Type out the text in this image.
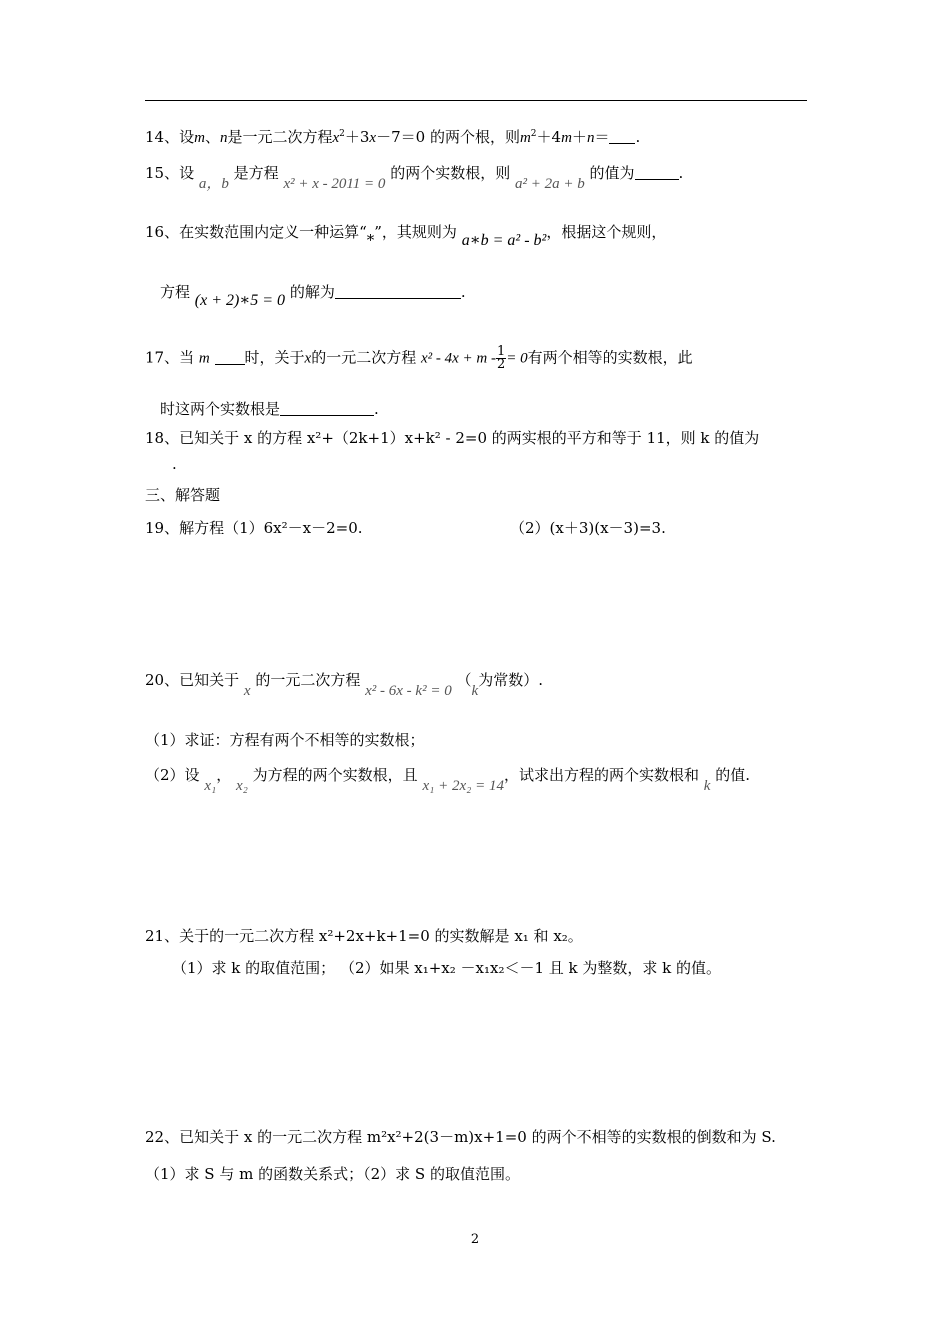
14、设m、n是一元二次方程$x^2+3x-7=0$ 的两个根，则$m^2+4m+n=$ .
15、设 a，b 是方程 x² + x - 2011 = 0 的两个实数根，则 a² + 2a + b 的值为	.
16、在实数范围内定义一种运算“*”，其规则为 a∗b = a² - b²，根据这个规则，
方程 (x + 2)∗5 = 0 的解为	.
17、当 m 时，关于x的一元二次方程 $x^2 - 4x + m - \frac{1}{2} = 0$有两个相等的实数根，此
时这两个实数根是	.
18、已知关于 x 的方程 x²+（2k+1）x+k² - 2=0 的两实根的平方和等于 11，则 k 的值为
.
三、解答题
19、解方程（1）6x²－x－2=0.	（2）(x＋3)(x－3)=3.
20、已知关于 x 的一元二次方程 x² - 6x - k² = 0 （k为常数）.
（1）求证：方程有两个不相等的实数根；
（2）设 x₁， x₂ 为方程的两个实数根，且 x₁ + 2x₂ = 14，试求出方程的两个实数根和 k 的值.
21、关于的一元二次方程 x²+2x+k+1=0 的实数解是 x₁ 和 x₂。
（1）求 k 的取值范围； （2）如果 x₁+x₂ －x₁x₂＜－1 且 k 为整数，求 k 的值。
22、已知关于 x 的一元二次方程 m²x²+2(3－m)x+1=0 的两个不相等的实数根的倒数和为 S.
（1）求 S 与 m 的函数关系式；（2）求 S 的取值范围。
2
